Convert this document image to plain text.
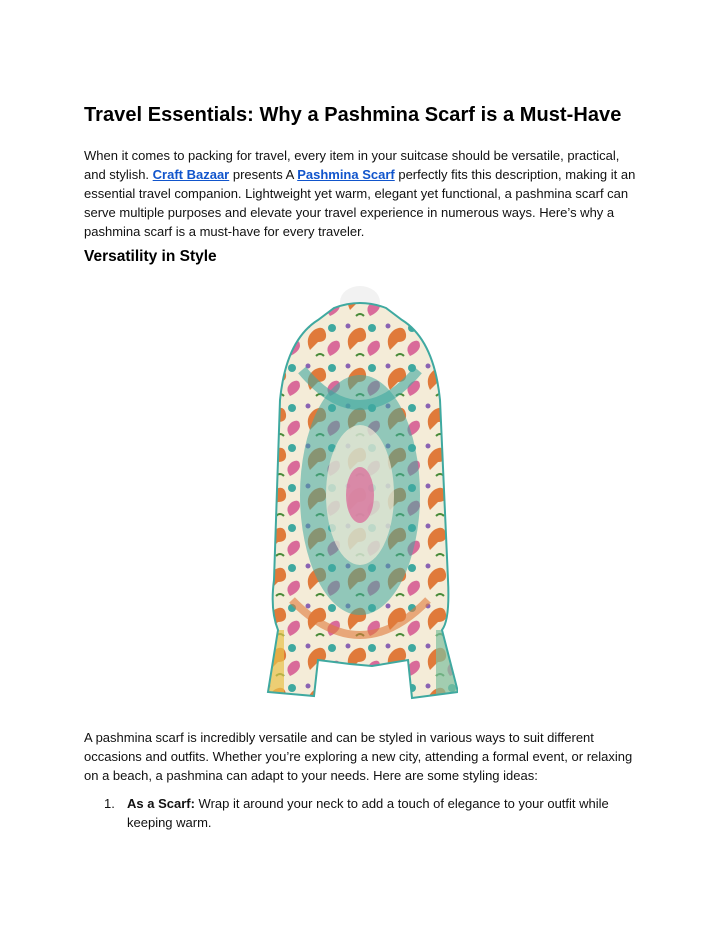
Travel Essentials: Why a Pashmina Scarf is a Must-Have

When it comes to packing for travel, every item in your suitcase should be versatile, practical, and stylish. Craft Bazaar presents A Pashmina Scarf perfectly fits this description, making it an essential travel companion. Lightweight yet warm, elegant yet functional, a pashmina scarf can serve multiple purposes and elevate your travel experience in numerous ways. Here’s why a pashmina scarf is a must-have for every traveler.

Versatility in Style

A pashmina scarf is incredibly versatile and can be styled in various ways to suit different occasions and outfits. Whether you’re exploring a new city, attending a formal event, or relaxing on a beach, a pashmina can adapt to your needs. Here are some styling ideas:

1. As a Scarf: Wrap it around your neck to add a touch of elegance to your outfit while keeping warm.
